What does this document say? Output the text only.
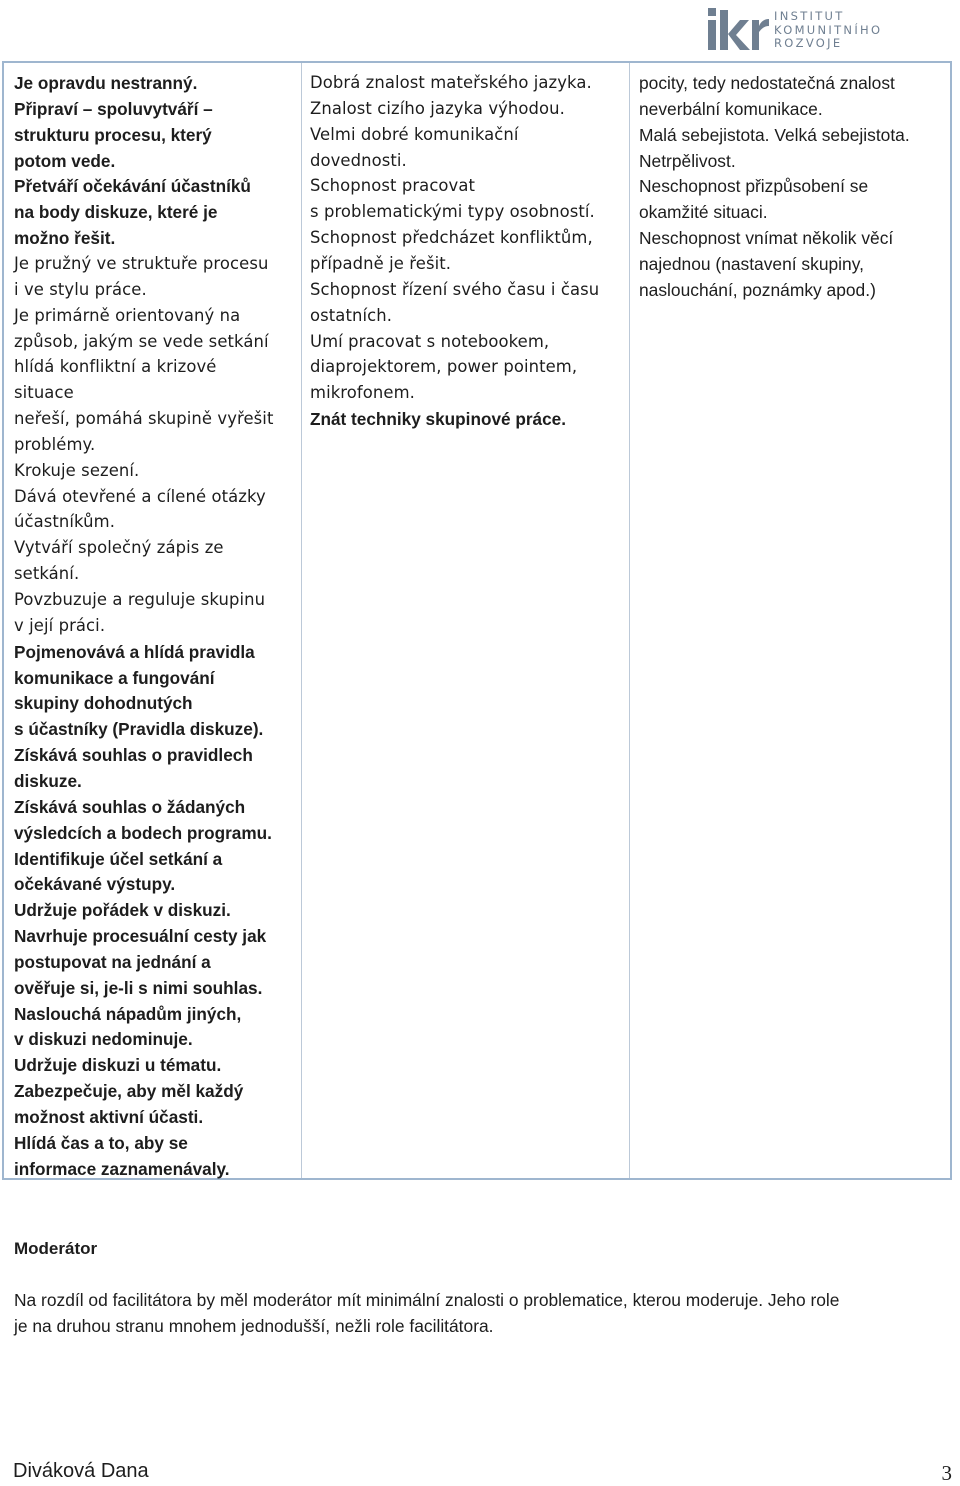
INSTITUT
KOMUNITNÍHO
ROZVOJE
Je opravdu nestranný.
Připraví – spoluvytváří –
strukturu procesu, který
potom vede.
Přetváří očekávání účastníků
na body diskuze, které je
možno řešit.
Je pružný ve struktuře procesu
i ve stylu práce.
Je primárně orientovaný na
způsob, jakým se vede setkání
hlídá konfliktní a krizové
situace
neřeší, pomáhá skupině vyřešit
problémy.
Krokuje sezení.
Dává otevřené a cílené otázky
účastníkům.
Vytváří společný zápis ze
setkání.
Povzbuzuje a reguluje skupinu
v její práci.
Pojmenovává a hlídá pravidla
komunikace a fungování
skupiny dohodnutých
s účastníky (Pravidla diskuze).
Získává souhlas o pravidlech
diskuze.
Získává souhlas o žádaných
výsledcích a bodech programu.
Identifikuje účel setkání a
očekávané výstupy.
Udržuje pořádek v diskuzi.
Navrhuje procesuální cesty jak
postupovat na jednání a
ověřuje si, je-li s nimi souhlas.
Naslouchá nápadům jiných,
v diskuzi nedominuje.
Udržuje diskuzi u tématu.
Zabezpečuje, aby měl každý
možnost aktivní účasti.
Hlídá čas a to, aby se
informace zaznamenávaly.
Dobrá znalost mateřského jazyka.
Znalost cizího jazyka výhodou.
Velmi dobré komunikační
dovednosti.
Schopnost pracovat
s problematickými typy osobností.
Schopnost předcházet konfliktům,
případně je řešit.
Schopnost řízení svého času i času
ostatních.
Umí pracovat s notebookem,
diaprojektorem, power pointem,
mikrofonem.
Znát techniky skupinové práce.
pocity, tedy nedostatečná znalost
neverbální komunikace.
Malá sebejistota. Velká sebejistota.
Netrpělivost.
Neschopnost přizpůsobení se
okamžité situaci.
Neschopnost vnímat několik věcí
najednou (nastavení skupiny,
naslouchání, poznámky apod.)
Moderátor
Na rozdíl od facilitátora by měl moderátor mít minimální znalosti o problematice, kterou moderuje. Jeho role
je na druhou stranu mnohem jednodušší, nežli role facilitátora.
Diváková Dana	3
